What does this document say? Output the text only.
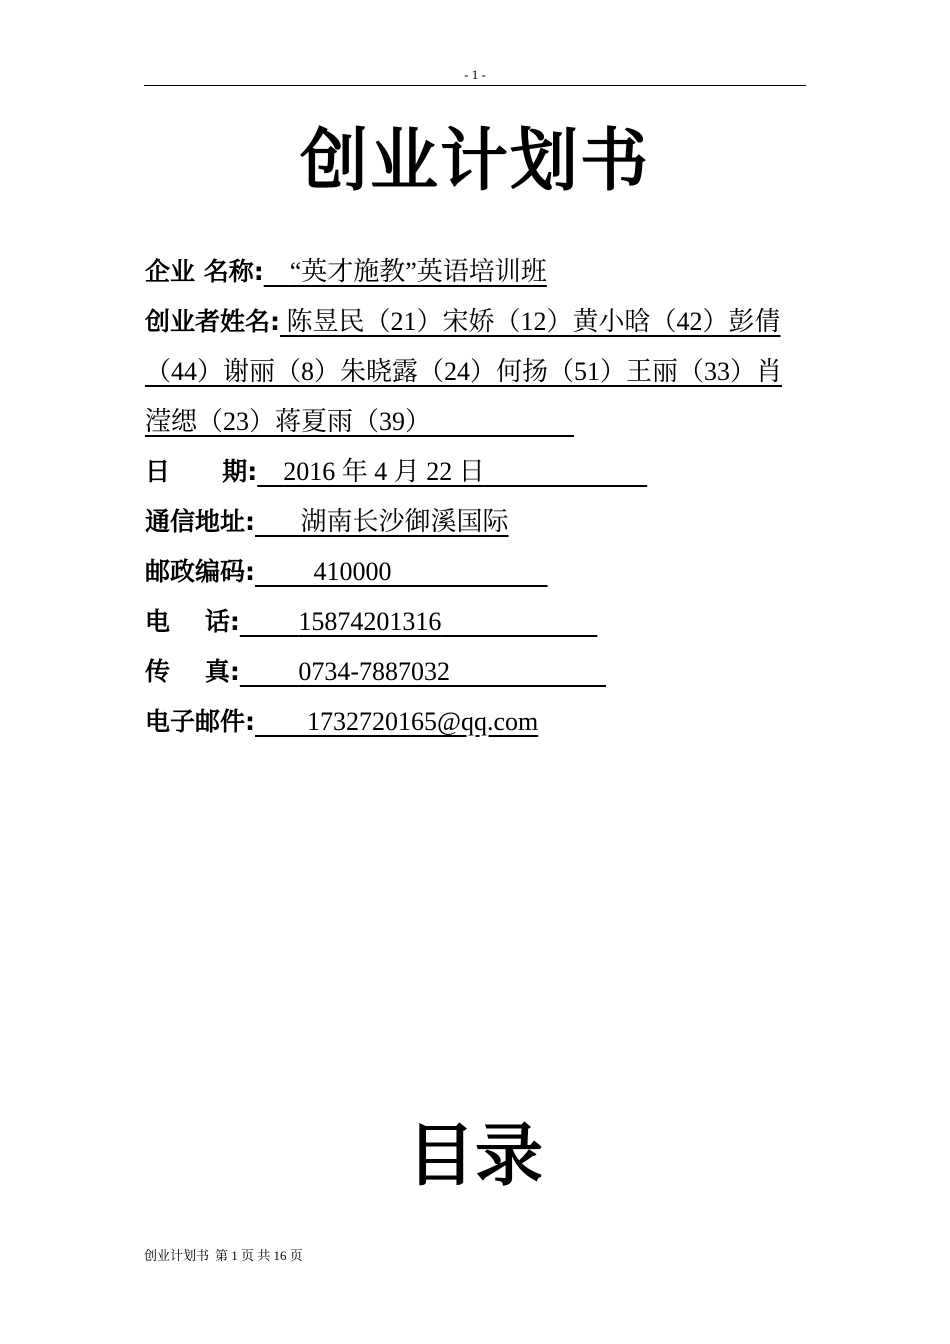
- 1 -
创业计划书
企业 名称: “英才施教”英语培训班
创业者姓名: 陈昱民（21）宋娇（12）黄小晗（42）彭倩（44）谢丽（8）朱晓露（24）何扬（51）王丽（33）肖滢缌（23）蒋夏雨（39）
日      期: 2016 年 4 月 22 日
通信地址: 湖南长沙御溪国际
邮政编码: 410000
电    话: 15874201316
传    真: 0734-7887032
电子邮件: 1732720165@qq.com
目录
创业计划书 第 1 页 共 16 页
